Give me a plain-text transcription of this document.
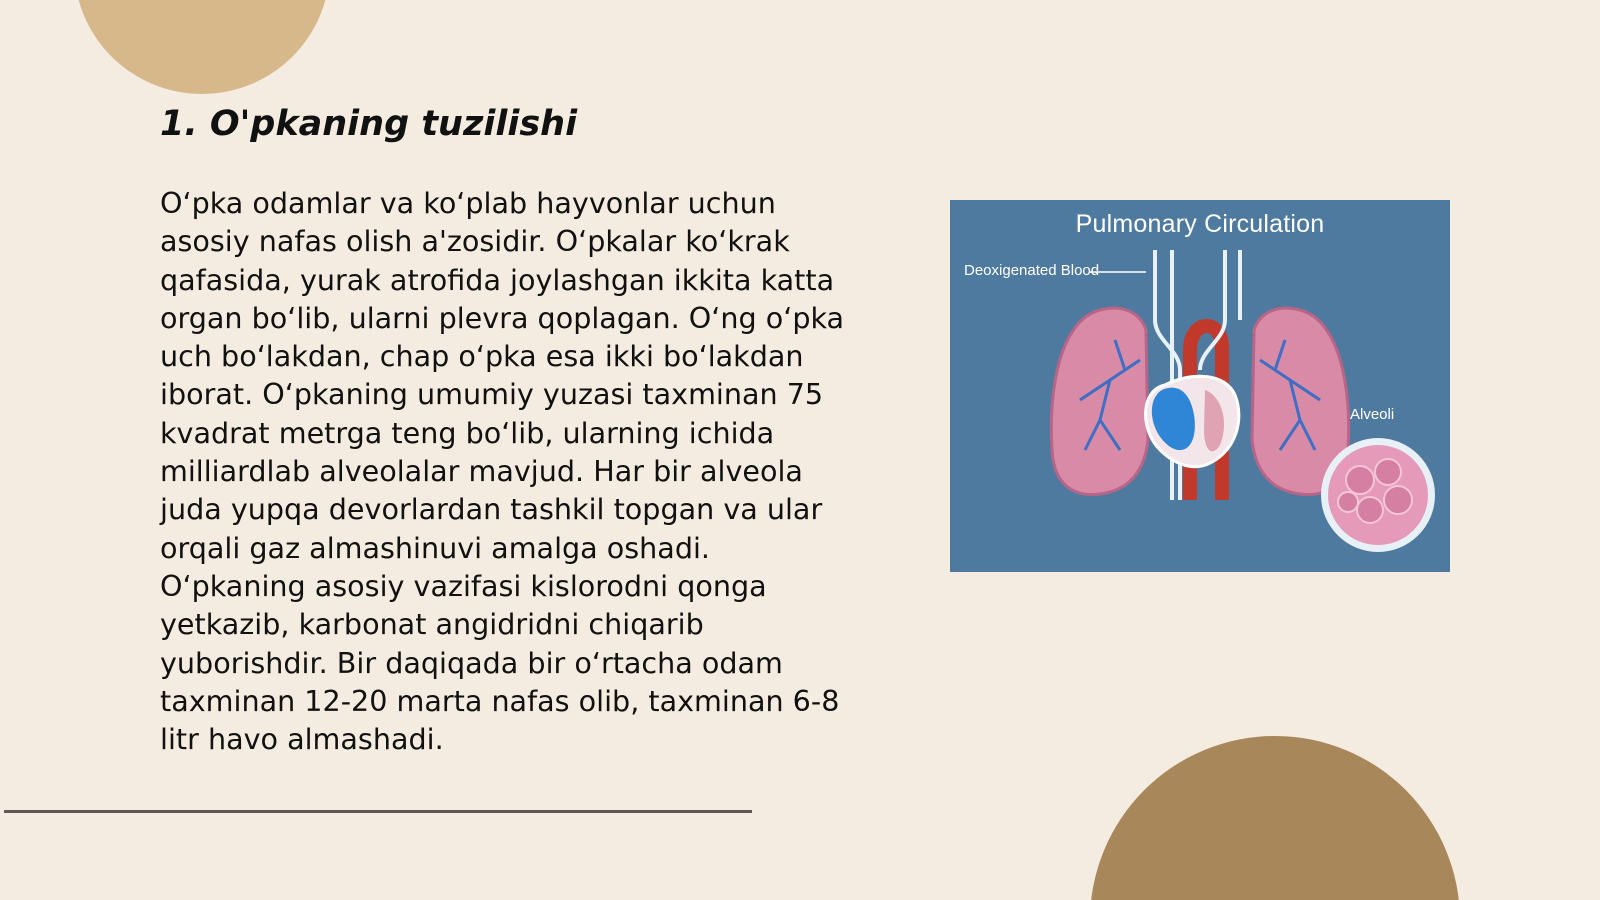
1. O'pkaning tuzilishi

O‘pka odamlar va ko‘plab hayvonlar uchun asosiy nafas olish a'zosidir. O‘pkalar ko‘krak qafasida, yurak atrofida joylashgan ikkita katta organ bo‘lib, ularni plevra qoplagan. O‘ng o‘pka uch bo‘lakdan, chap o‘pka esa ikki bo‘lakdan iborat. O‘pkaning umumiy yuzasi taxminan 75 kvadrat metrga teng bo‘lib, ularning ichida milliardlab alveolalar mavjud. Har bir alveola juda yupqa devorlardan tashkil topgan va ular orqali gaz almashinuvi amalga oshadi. O‘pkaning asosiy vazifasi kislorodni qonga yetkazib, karbonat angidridni chiqarib yuborishdir. Bir daqiqada bir o‘rtacha odam taxminan 12-20 marta nafas olib, taxminan 6-8 litr havo almashadi.

Pulmonary Circulation
Deoxigenated Blood
Alveoli
